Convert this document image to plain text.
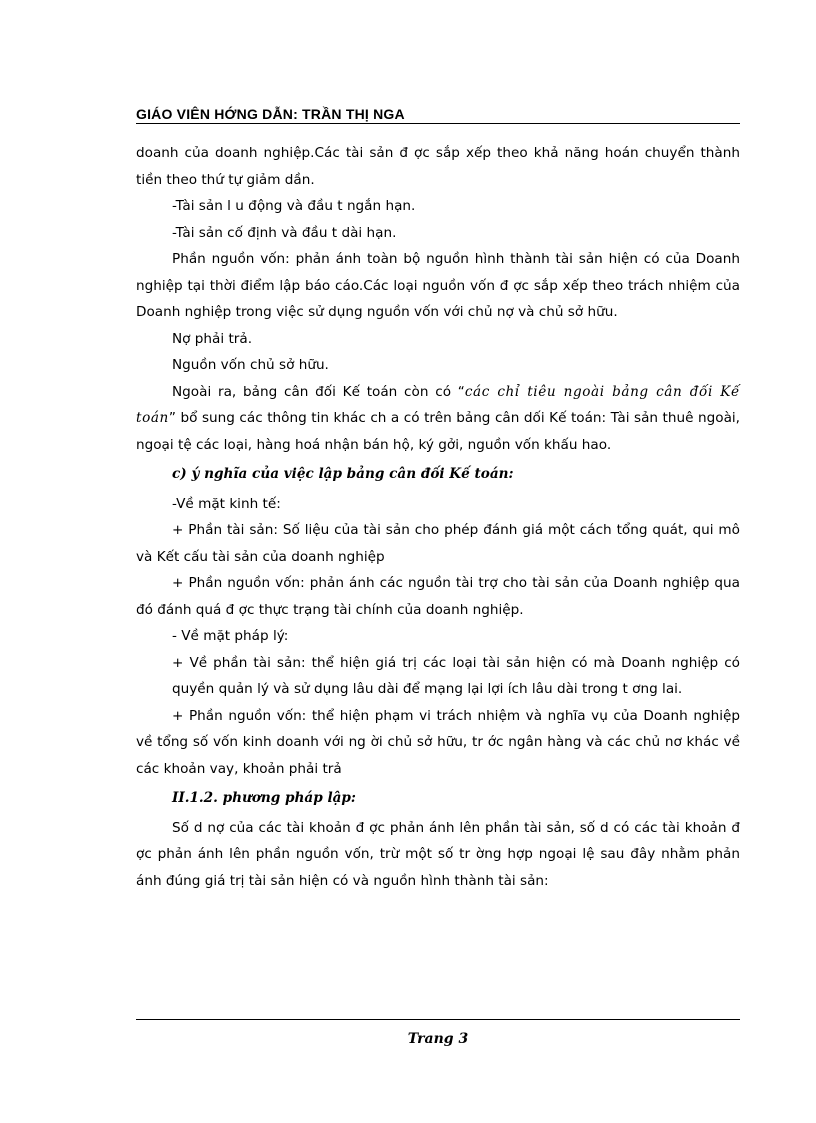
GIÁO VIÊN HỚNG DẪN: TRẦN THỊ NGA

doanh của doanh nghiệp.Các tài sản đ ợc sắp xếp theo khả năng hoán chuyển thành tiền theo thứ tự giảm dần.

-Tài sản l u động và đầu t ngắn hạn.

-Tài sản cố định và đầu t dài hạn.

Phần nguồn vốn: phản ánh toàn bộ nguồn hình thành tài sản hiện có của Doanh nghiệp tại thời điểm lập báo cáo.Các loại nguồn vốn đ ợc sắp xếp theo trách nhiệm của Doanh nghiệp trong việc sử dụng nguồn vốn với chủ nợ và chủ sở hữu.

Nợ phải trả.

Nguồn vốn chủ sở hữu.

Ngoài ra, bảng cân đối Kế toán còn có “các chỉ tiêu ngoài bảng cân đối Kế toán” bổ sung các thông tin khác ch a có trên bảng cân dối Kế toán: Tài sản thuê ngoài, ngoại tệ các loại, hàng hoá nhận bán hộ, ký gởi, nguồn vốn khấu hao.

c) ý nghĩa của việc lập bảng cân đối Kế toán:

-Về mặt kinh tế:

+ Phần tài sản: Số liệu của tài sản cho phép đánh giá một cách tổng quát, qui mô và Kết cấu tài sản của doanh nghiệp

+ Phần nguồn vốn: phản ánh các nguồn tài trợ cho tài sản của Doanh nghiệp qua đó đánh quá đ ợc thực trạng tài chính của doanh nghiệp.

- Về mặt pháp lý:

+ Về phần tài sản: thể hiện giá trị các loại tài sản hiện có mà Doanh nghiệp có quyền quản lý và sử dụng lâu dài để mạng lại lợi ích lâu dài trong t ơng lai.

+ Phần nguồn vốn: thể hiện phạm vi trách nhiệm và nghĩa vụ của Doanh nghiệp về tổng số vốn kinh doanh với ng ời chủ sở hữu, tr ớc ngân hàng và các chủ nơ khác về các khoản vay, khoản phải trả

II.1.2. phương pháp lập:

Số d nợ của các tài khoản đ ợc phản ánh lên phần tài sản, số d có các tài khoản đ ợc phản ánh lên phần nguồn vốn, trừ một số tr ờng hợp ngoại lệ sau đây nhằm phản ánh đúng giá trị tài sản hiện có và nguồn hình thành tài sản:

Trang 3
